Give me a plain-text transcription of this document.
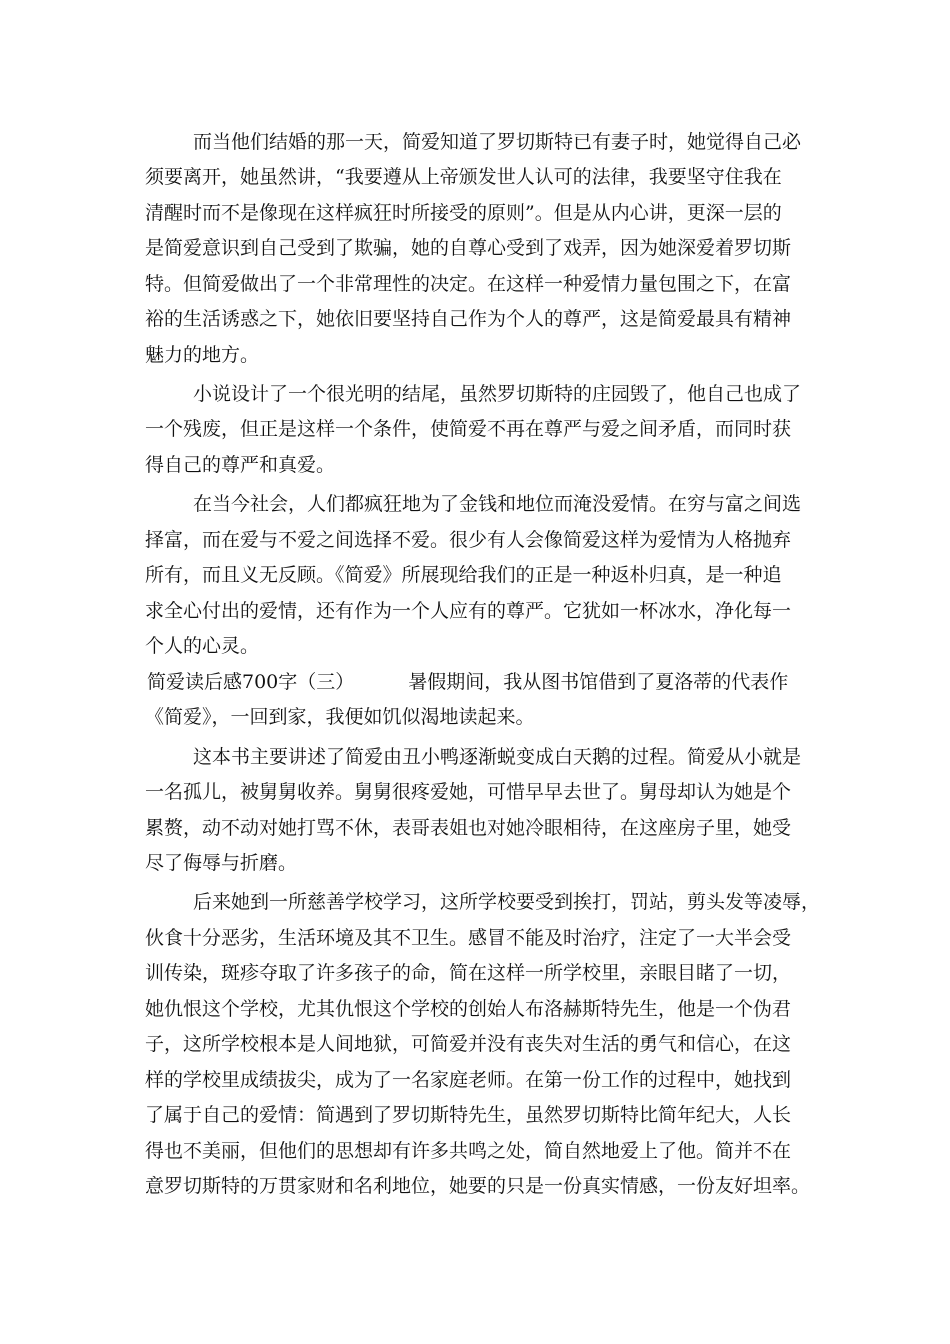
而当他们结婚的那一天，简爱知道了罗切斯特已有妻子时，她觉得自己必
须要离开，她虽然讲，“我要遵从上帝颁发世人认可的法律，我要坚守住我在
清醒时而不是像现在这样疯狂时所接受的原则”。但是从内心讲，更深一层的
是简爱意识到自己受到了欺骗，她的自尊心受到了戏弄，因为她深爱着罗切斯
特。但简爱做出了一个非常理性的决定。在这样一种爱情力量包围之下，在富
裕的生活诱惑之下，她依旧要坚持自己作为个人的尊严，这是简爱最具有精神
魅力的地方。
小说设计了一个很光明的结尾，虽然罗切斯特的庄园毁了，他自己也成了
一个残废，但正是这样一个条件，使简爱不再在尊严与爱之间矛盾，而同时获
得自己的尊严和真爱。
在当今社会，人们都疯狂地为了金钱和地位而淹没爱情。在穷与富之间选
择富，而在爱与不爱之间选择不爱。很少有人会像简爱这样为爱情为人格抛弃
所有，而且义无反顾。《简爱》所展现给我们的正是一种返朴归真，是一种追
求全心付出的爱情，还有作为一个人应有的尊严。它犹如一杯冰水，净化每一
个人的心灵。
简爱读后感700字（三）	暑假期间，我从图书馆借到了夏洛蒂的代表作
《简爱》，一回到家，我便如饥似渴地读起来。
这本书主要讲述了简爱由丑小鸭逐渐蜕变成白天鹅的过程。简爱从小就是
一名孤儿，被舅舅收养。舅舅很疼爱她，可惜早早去世了。舅母却认为她是个
累赘，动不动对她打骂不休，表哥表姐也对她冷眼相待，在这座房子里，她受
尽了侮辱与折磨。
后来她到一所慈善学校学习，这所学校要受到挨打，罚站，剪头发等凌辱，
伙食十分恶劣，生活环境及其不卫生。感冒不能及时治疗，注定了一大半会受
训传染，斑疹夺取了许多孩子的命，简在这样一所学校里，亲眼目睹了一切，
她仇恨这个学校，尤其仇恨这个学校的创始人布洛赫斯特先生，他是一个伪君
子，这所学校根本是人间地狱，可简爱并没有丧失对生活的勇气和信心，在这
样的学校里成绩拔尖，成为了一名家庭老师。在第一份工作的过程中，她找到
了属于自己的爱情：简遇到了罗切斯特先生，虽然罗切斯特比简年纪大，人长
得也不美丽，但他们的思想却有许多共鸣之处，简自然地爱上了他。简并不在
意罗切斯特的万贯家财和名利地位，她要的只是一份真实情感，一份友好坦率。
